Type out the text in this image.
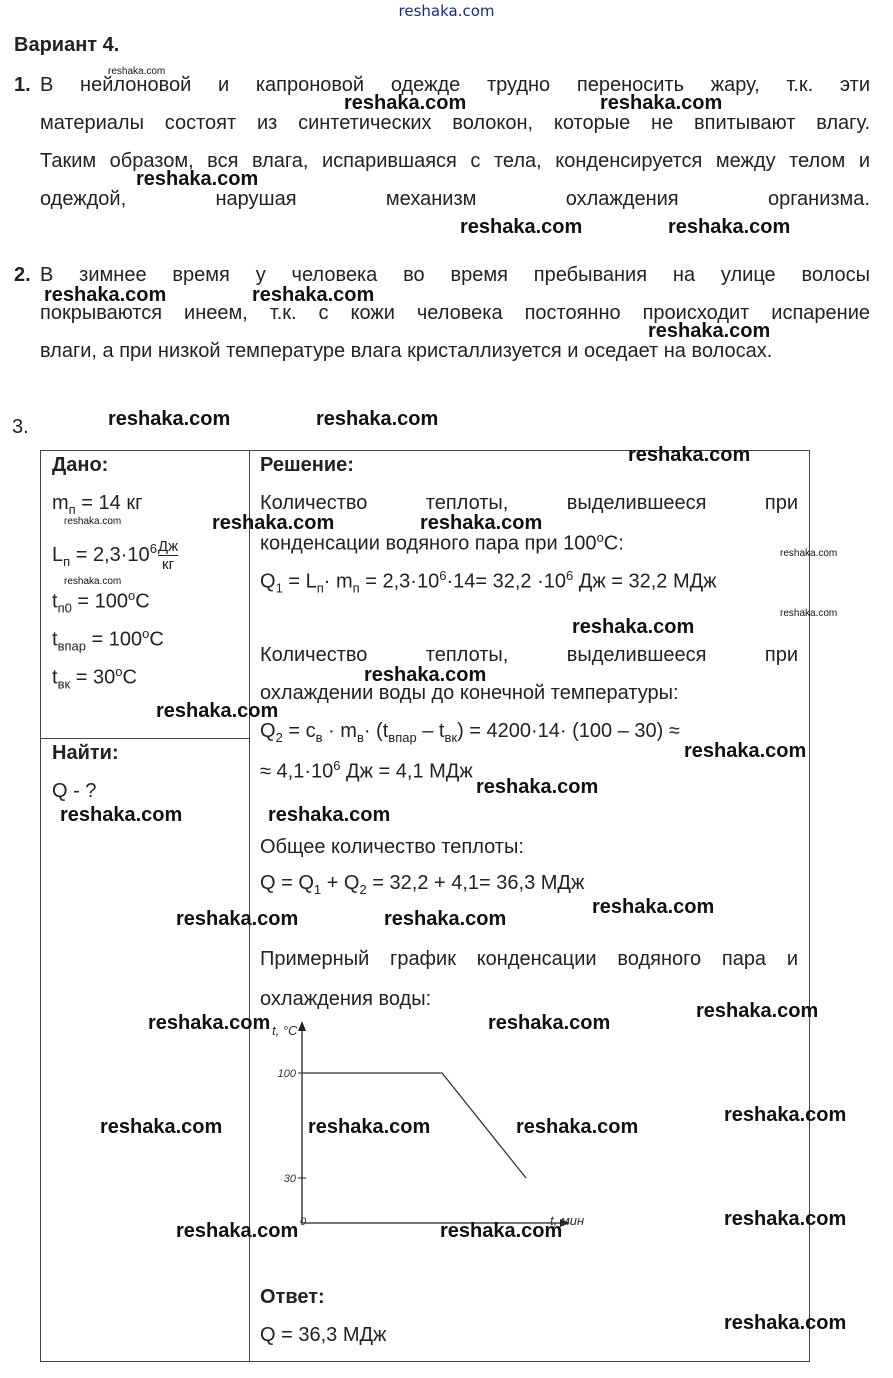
reshaka.com
Вариант 4.
1. В нейлоновой и капроновой одежде трудно переносить жару, т.к. эти
материалы состоят из синтетических волокон, которые не впитывают влагу.
Таким образом, вся влага, испарившаяся с тела, конденсируется между телом и
одеждой, нарушая механизм охлаждения организма.
2. В зимнее время у человека во время пребывания на улице волосы
покрываются инеем, т.к. с кожи человека постоянно происходит испарение
влаги, а при низкой температуре влага кристаллизуется и оседает на волосах.
3.
Дано:
$m_п = 14$ кг
$L_п = 2,3\cdot 10^6$ Дж
кг
$t_{п0} = 100^oC$
$t_{впар} = 100^oC$
$t_{вк} = 30^oC$
Найти:
Q - ?
Решение:
Количество теплоты, выделившееся при
конденсации водяного пара при 100$^o$С:
$Q_1 = L_п\cdot m_п = 2,3\cdot 10^6\cdot 14= 32,2 \cdot 10^6$ Дж = 32,2 МДж
Количество теплоты, выделившееся при
охлаждении воды до конечной температуры:
$Q_2 = c_в \cdot m_в\cdot (t_{впар} - t_{вк}) = 4200\cdot 14\cdot (100 - 30)$ ≈
≈ $4,1\cdot 10^6$ Дж = 4,1 МДж
Общее количество теплоты:
$Q = Q_1 + Q_2 = 32,2 + 4,1= 36,3$ МДж
Примерный график конденсации водяного пара и
охлаждения воды:
t, °C
t, мин
0
100
30
Ответ:
Q = 36,3 МДж
reshaka.com	reshaka.com
reshaka.com
reshaka.com	reshaka.com
reshaka.com	reshaka.com
reshaka.com
reshaka.com	reshaka.com
reshaka.com
reshaka.com	reshaka.com
reshaka.com
reshaka.com
reshaka.com
reshaka.com
reshaka.com
reshaka.com	reshaka.com
reshaka.com	reshaka.com
reshaka.com
reshaka.com	reshaka.com
reshaka.com
reshaka.com	reshaka.com	reshaka.com
reshaka.com
reshaka.com	reshaka.com
reshaka.com
reshaka.com
reshaka.com
reshaka.com
reshaka.com
reshaka.com
reshaka.com
